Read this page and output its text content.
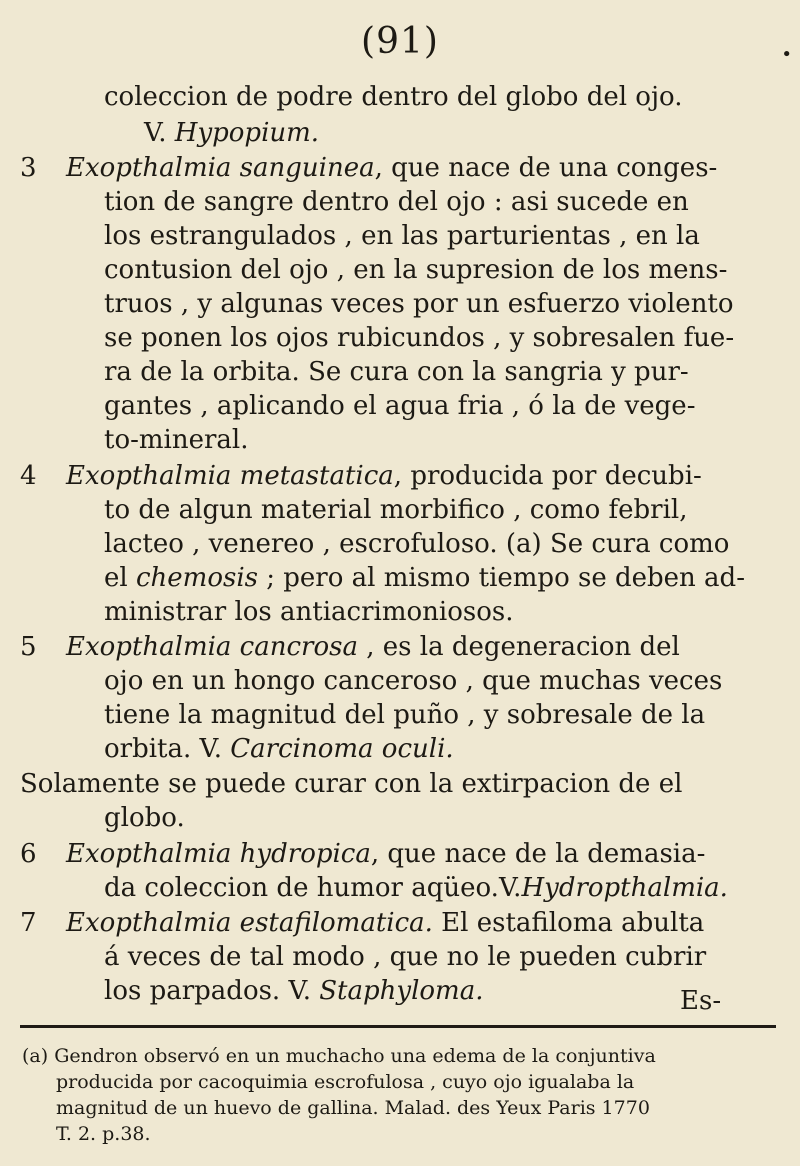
(91)	•
coleccion de podre dentro del globo del ojo.
V. Hypopium.
3 Exopthalmia sanguinea, que nace de una conges-
tion de sangre dentro del ojo : asi sucede en
los estrangulados , en las parturientas , en la
contusion del ojo , en la supresion de los mens-
truos , y algunas veces por un esfuerzo violento
se ponen los ojos rubicundos , y sobresalen fue-
ra de la orbita. Se cura con la sangria y pur-
gantes , aplicando el agua fria , ó la de vege-
to-mineral.
4 Exopthalmia metastatica, producida por decubi-
to de algun material morbifico , como febril,
lacteo , venereo , escrofuloso. (a) Se cura como
el chemosis ; pero al mismo tiempo se deben ad-
ministrar los antiacrimoniosos.
5 Exopthalmia cancrosa , es la degeneracion del
ojo en un hongo canceroso , que muchas veces
tiene la magnitud del puño , y sobresale de la
orbita. V. Carcinoma oculi.
Solamente se puede curar con la extirpacion de el
globo.
6 Exopthalmia hydropica, que nace de la demasia-
da coleccion de humor aqüeo.V.Hydropthalmia.
7 Exopthalmia estafilomatica. El estafiloma abulta
á veces de tal modo , que no le pueden cubrir
los parpados. V. Staphyloma.	Es-
(a) Gendron observó en un muchacho una edema de la conjuntiva
producida por cacoquimia escrofulosa , cuyo ojo igualaba la
magnitud de un huevo de gallina. Malad. des Yeux Paris 1770
T. 2. p.38.
